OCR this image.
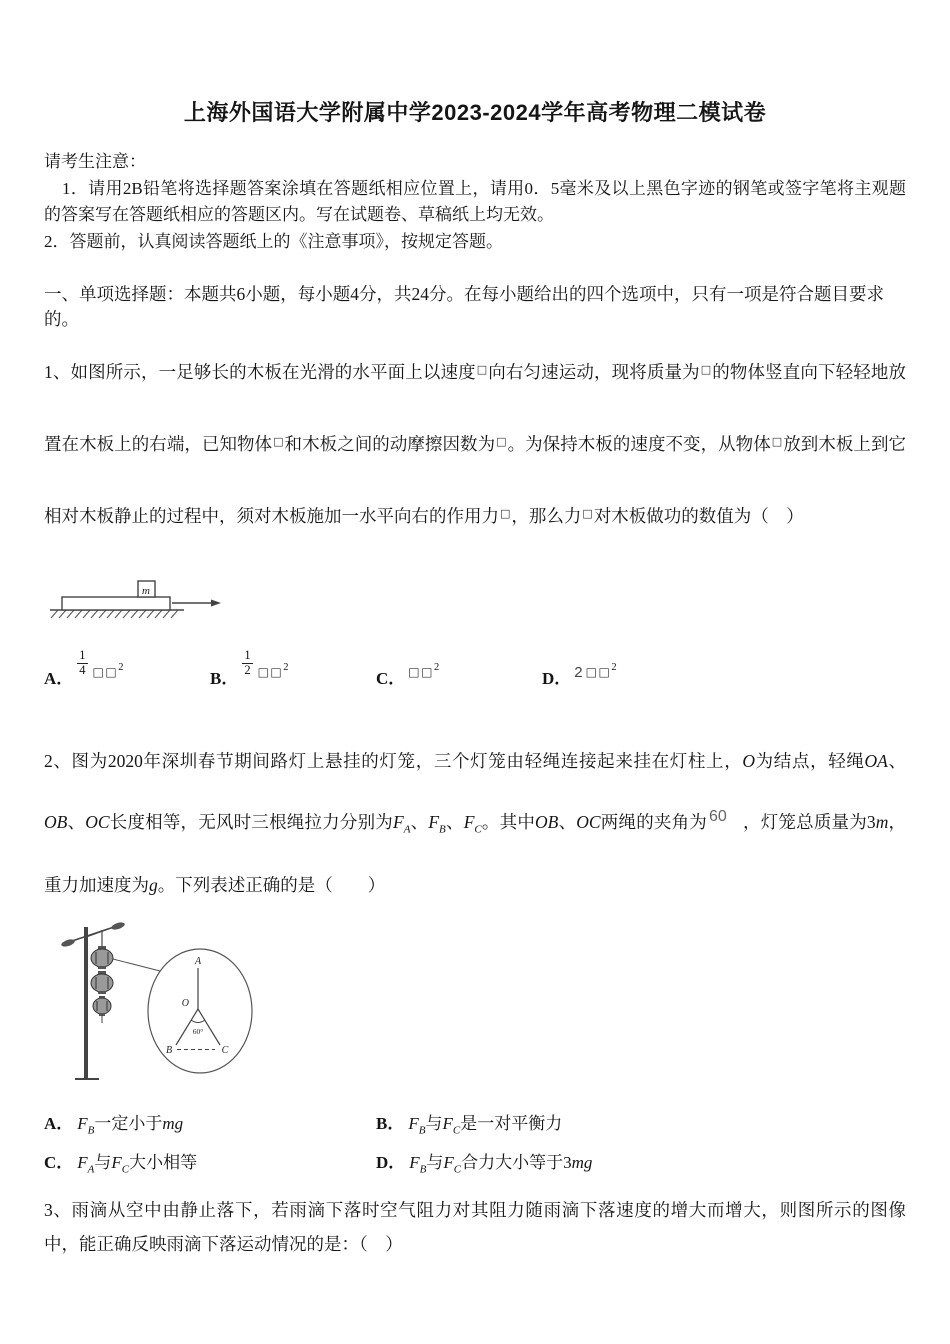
上海外国语大学附属中学2023-2024学年高考物理二模试卷

请考生注意：

1．请用2B铅笔将选择题答案涂填在答题纸相应位置上，请用0．5毫米及以上黑色字迹的钢笔或签字笔将主观题的答案写在答题纸相应的答题区内。写在试题卷、草稿纸上均无效。

2．答题前，认真阅读答题纸上的《注意事项》，按规定答题。

一、单项选择题：本题共6小题，每小题4分，共24分。在每小题给出的四个选项中，只有一项是符合题目要求的。

1、如图所示，一足够长的木板在光滑的水平面上以速度□向右匀速运动，现将质量为□的物体竖直向下轻轻地放置在木板上的右端，已知物体□和木板之间的动摩擦因数为□。为保持木板的速度不变，从物体□放到木板上到它相对木板静止的过程中，须对木板施加一水平向右的作用力□，那么力□对木板做功的数值为（　）

m
A．
$\frac{1}{4} ^{□□2}$
B．
$\frac{1}{2} ^{□□2}$
C． $^{□□2}$
D． 2 $^{□□2}$

2、图为2020年深圳春节期间路灯上悬挂的灯笼，三个灯笼由轻绳连接起来挂在灯柱上，O为结点，轻绳OA、OB、OC长度相等，无风时三根绳拉力分别为$F_A$、$F_B$、$F_C$。其中OB、OC两绳的夹角为 $^{60}$ ，灯笼总质量为3m，重力加速度为g。下列表述正确的是（　　）

A
O
60°
B	C
A． $F_B$一定小于mg	B． $F_B$与$F_C$是一对平衡力
C． $F_A$与$F_C$大小相等	D． $F_B$与$F_C$合力大小等于3mg

3、雨滴从空中由静止落下，若雨滴下落时空气阻力对其阻力随雨滴下落速度的增大而增大，则图所示的图像中，能正确反映雨滴下落运动情况的是：（　）
